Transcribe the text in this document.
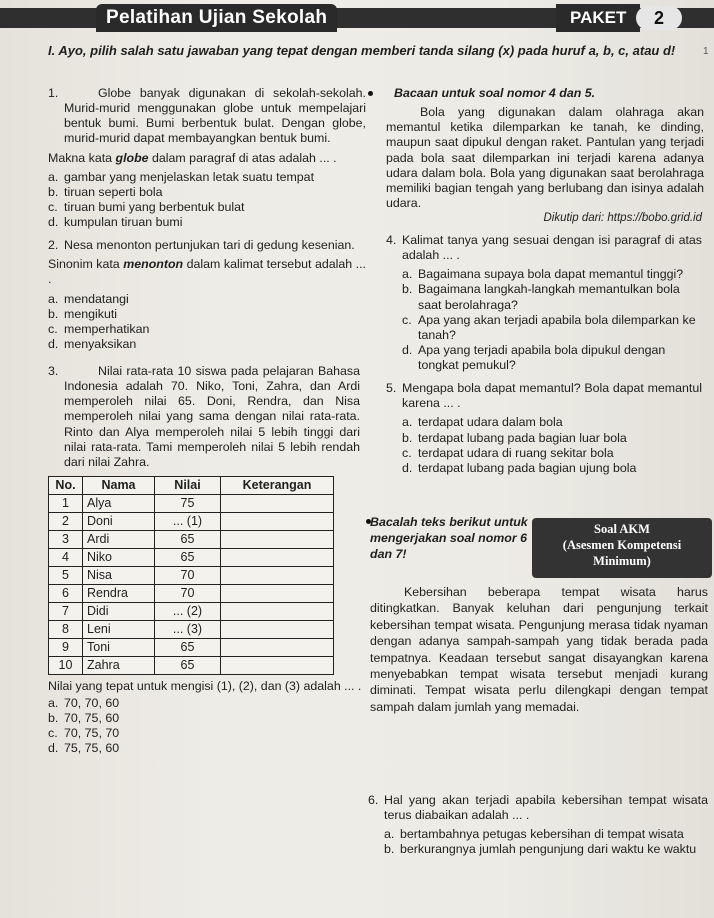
Pelatihan Ujian Sekolah	PAKET	2
I. Ayo, pilih salah satu jawaban yang tepat dengan memberi tanda silang (x) pada huruf a, b, c, atau d!	1
1.	Globe banyak digunakan di sekolah-sekolah. Murid-murid menggunakan globe untuk mempelajari bentuk bumi. Bumi berbentuk bulat. Dengan globe, murid-murid dapat membayangkan bentuk bumi.

Makna kata globe dalam paragraf di atas adalah ... .

a. gambar yang menjelaskan letak suatu tempat
b. tiruan seperti bola
c. tiruan bumi yang berbentuk bulat
d. kumpulan tiruan bumi
2. Nesa menonton pertunjukan tari di gedung kesenian.

Sinonim kata menonton dalam kalimat tersebut adalah ... .

a. mendatangi
b. mengikuti
c. memperhatikan
d. menyaksikan
3.	Nilai rata-rata 10 siswa pada pelajaran Bahasa Indonesia adalah 70. Niko, Toni, Zahra, dan Ardi memperoleh nilai 65. Doni, Rendra, dan Nisa memperoleh nilai yang sama dengan nilai rata-rata. Rinto dan Alya memperoleh nilai 5 lebih tinggi dari nilai rata-rata. Tami memperoleh nilai 5 lebih rendah dari nilai Zahra.

No.	Nama	Nilai	Keterangan
1	Alya	75	
2	Doni	... (1)	
3	Ardi	65	
4	Niko	65	
5	Nisa	70	
6	Rendra	70	
7	Didi	... (2)	
8	Leni	... (3)	
9	Toni	65	
10	Zahra	65	

Nilai yang tepat untuk mengisi (1), (2), dan (3) adalah ... .

a. 70, 70, 60
b. 70, 75, 60
c. 70, 75, 70
d. 75, 75, 60
Bacaan untuk soal nomor 4 dan 5.

Bola yang digunakan dalam olahraga akan memantul ketika dilemparkan ke tanah, ke dinding, maupun saat dipukul dengan raket. Pantulan yang terjadi pada bola saat dilemparkan ini terjadi karena adanya udara dalam bola. Bola yang digunakan saat berolahraga memiliki bagian tengah yang berlubang dan isinya adalah udara.

Dikutip dari: https://bobo.grid.id
4. Kalimat tanya yang sesuai dengan isi paragraf di atas adalah ... .

a. Bagaimana supaya bola dapat memantul tinggi?
b. Bagaimana langkah-langkah memantulkan bola saat berolahraga?
c. Apa yang akan terjadi apabila bola dilemparkan ke tanah?
d. Apa yang terjadi apabila bola dipukul dengan tongkat pemukul?
5. Mengapa bola dapat memantul? Bola dapat memantul karena ... .

a. terdapat udara dalam bola
b. terdapat lubang pada bagian luar bola
c. terdapat udara di ruang sekitar bola
d. terdapat lubang pada bagian ujung bola
Bacalah teks berikut untuk mengerjakan soal nomor 6 dan 7!
Soal AKM
(Asesmen Kompetensi
Minimum)

Kebersihan beberapa tempat wisata harus ditingkatkan. Banyak keluhan dari pengunjung terkait kebersihan tempat wisata. Pengunjung merasa tidak nyaman dengan adanya sampah-sampah yang tidak berada pada tempatnya. Keadaan tersebut sangat disayangkan karena menyebabkan tempat wisata tersebut menjadi kurang diminati. Tempat wisata perlu dilengkapi dengan tempat sampah dalam jumlah yang memadai.

6. Hal yang akan terjadi apabila kebersihan tempat wisata terus diabaikan adalah ... .

a. bertambahnya petugas kebersihan di tempat wisata
b. berkurangnya jumlah pengunjung dari waktu ke waktu
